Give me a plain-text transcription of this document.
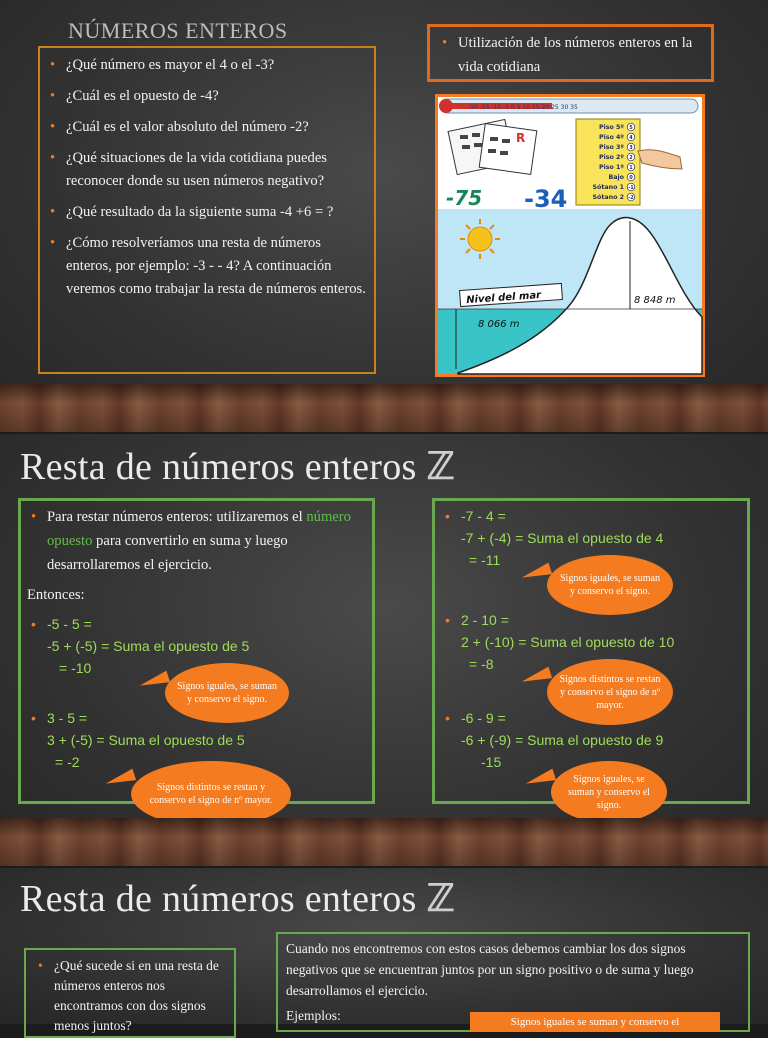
NÚMEROS ENTEROS
• ¿Qué número es mayor el 4 o el -3?
• ¿Cuál es el opuesto de -4?
• ¿Cuál es el valor absoluto del número -2?
• ¿Qué situaciones de la vida cotidiana puedes reconocer donde su usen números negativo?
• ¿Qué resultado da la siguiente suma -4 +6 = ?
• ¿Cómo resolveríamos una resta de números enteros, por ejemplo: -3 - - 4? A continuación veremos como trabajar la resta de números enteros.
• Utilización de los números enteros en la vida cotidiana
-30 -15 -10 -5 0 5 10 15 20 25 30 35
R
-75 -34
Piso 5º 5
Piso 4º 4
Piso 3º 3
Piso 2º 2
Piso 1º 1
Bajo 0
Sótano 1 -1
Sótano 2 -2
Nivel del mar
8 066 m
8 848 m
Resta de números enteros ℤ
• Para restar números enteros: utilizaremos el número opuesto para convertirlo en suma y luego desarrollaremos el ejercicio.
Entonces:
• -5 - 5 =
-5 + (-5) = Suma el opuesto de 5
= -10
Signos iguales, se suman y conservo el signo.
• 3 - 5 =
3 + (-5) = Suma el opuesto de 5
= -2
Signos distintos se restan y conservo el signo de nº mayor.
• -7 - 4 =
-7 + (-4) = Suma el opuesto de 4
= -11
Signos iguales, se suman y conservo el signo.
• 2 - 10 =
2 + (-10) = Suma el opuesto de 10
= -8
Signos distintos se restan y conservo el signo de nº mayor.
• -6 - 9 =
-6 + (-9) = Suma el opuesto de 9
-15
Signos iguales, se suman y conservo el signo.
Resta de números enteros ℤ
• ¿Qué sucede si en una resta de números enteros nos encontramos con dos signos menos juntos?
Cuando nos encontremos con estos casos debemos cambiar los dos signos negativos que se encuentran juntos por un signo positivo o de suma y luego desarrollamos el ejercicio.
Ejemplos:	Signos iguales se suman y conservo el
